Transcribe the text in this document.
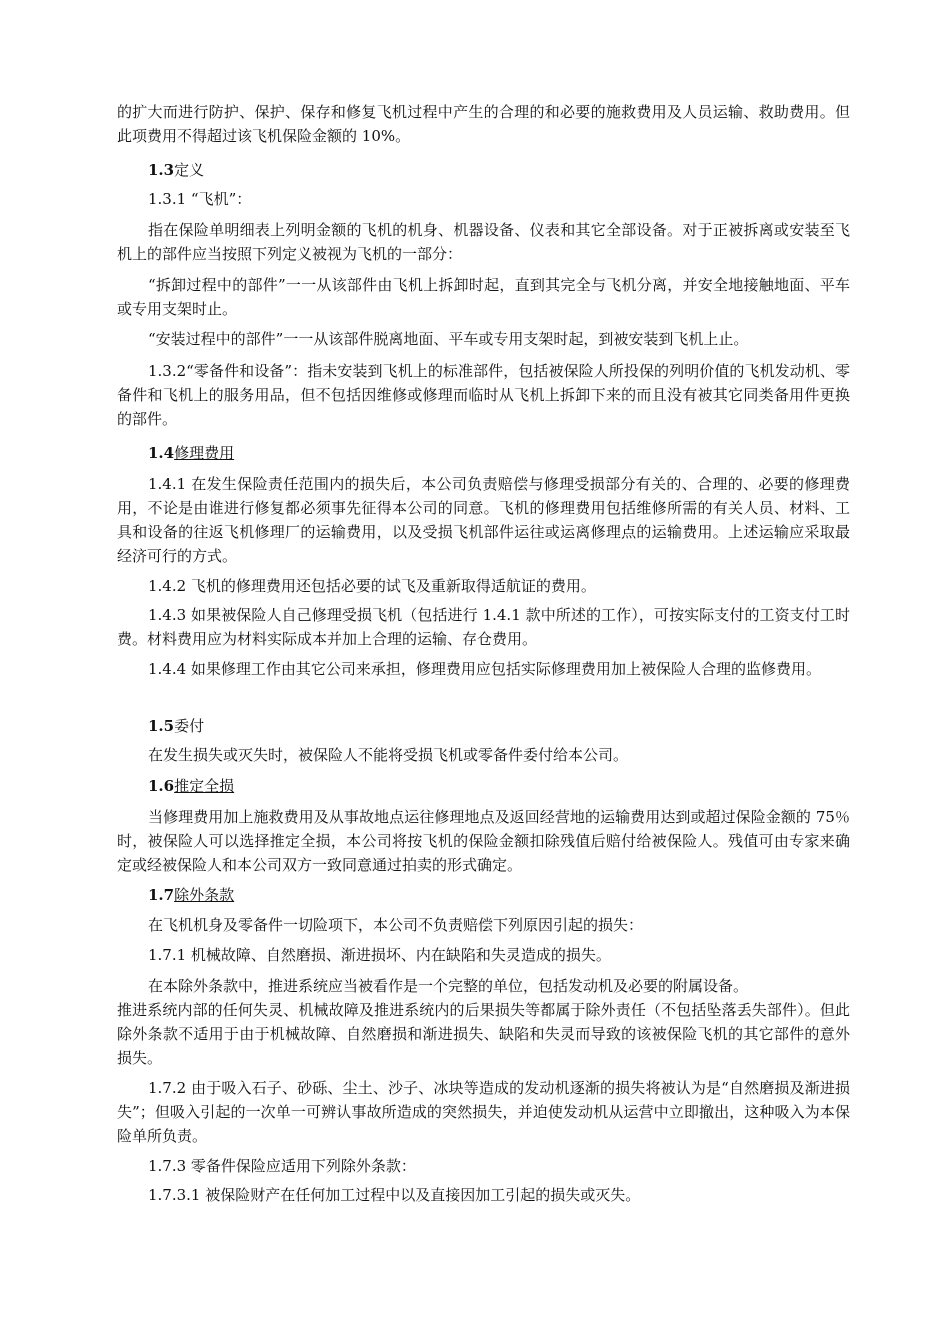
的扩大而进行防护、保护、保存和修复飞机过程中产生的合理的和必要的施救费用及人员运输、救助费用。但此项费用不得超过该飞机保险金额的 10%。

1.3定义

1.3.1 “飞机”：

指在保险单明细表上列明金额的飞机的机身、机器设备、仪表和其它全部设备。对于正被拆离或安装至飞机上的部件应当按照下列定义被视为飞机的一部分：

“拆卸过程中的部件”一一从该部件由飞机上拆卸时起，直到其完全与飞机分离，并安全地接触地面、平车或专用支架时止。

“安装过程中的部件”一一从该部件脱离地面、平车或专用支架时起，到被安装到飞机上止。

1.3.2“零备件和设备”：指未安装到飞机上的标准部件，包括被保险人所投保的列明价值的飞机发动机、零备件和飞机上的服务用品，但不包括因维修或修理而临时从飞机上拆卸下来的而且没有被其它同类备用件更换的部件。

1.4修理费用

1.4.1 在发生保险责任范围内的损失后，本公司负责赔偿与修理受损部分有关的、合理的、必要的修理费用，不论是由谁进行修复都必须事先征得本公司的同意。飞机的修理费用包括维修所需的有关人员、材料、工具和设备的往返飞机修理厂的运输费用，以及受损飞机部件运往或运离修理点的运输费用。上述运输应采取最经济可行的方式。

1.4.2 飞机的修理费用还包括必要的试飞及重新取得适航证的费用。

1.4.3 如果被保险人自己修理受损飞机（包括进行 1.4.1 款中所述的工作），可按实际支付的工资支付工时费。材料费用应为材料实际成本并加上合理的运输、存仓费用。

1.4.4 如果修理工作由其它公司来承担，修理费用应包括实际修理费用加上被保险人合理的监修费用。

1.5委付

在发生损失或灭失时，被保险人不能将受损飞机或零备件委付给本公司。

1.6推定全损

当修理费用加上施救费用及从事故地点运往修理地点及返回经营地的运输费用达到或超过保险金额的 75％时，被保险人可以选择推定全损，本公司将按飞机的保险金额扣除残值后赔付给被保险人。残值可由专家来确定或经被保险人和本公司双方一致同意通过拍卖的形式确定。

1.7除外条款

在飞机机身及零备件一切险项下，本公司不负责赔偿下列原因引起的损失：

1.7.1 机械故障、自然磨损、渐进损坏、内在缺陷和失灵造成的损失。

在本除外条款中，推进系统应当被看作是一个完整的单位，包括发动机及必要的附属设备。

推进系统内部的任何失灵、机械故障及推进系统内的后果损失等都属于除外责任（不包括坠落丢失部件）。但此除外条款不适用于由于机械故障、自然磨损和渐进损失、缺陷和失灵而导致的该被保险飞机的其它部件的意外损失。

1.7.2 由于吸入石子、砂砾、尘土、沙子、冰块等造成的发动机逐渐的损失将被认为是“自然磨损及渐进损失”；但吸入引起的一次单一可辨认事故所造成的突然损失，并迫使发动机从运营中立即撤出，这种吸入为本保险单所负责。

1.7.3 零备件保险应适用下列除外条款：

1.7.3.1 被保险财产在任何加工过程中以及直接因加工引起的损失或灭失。
